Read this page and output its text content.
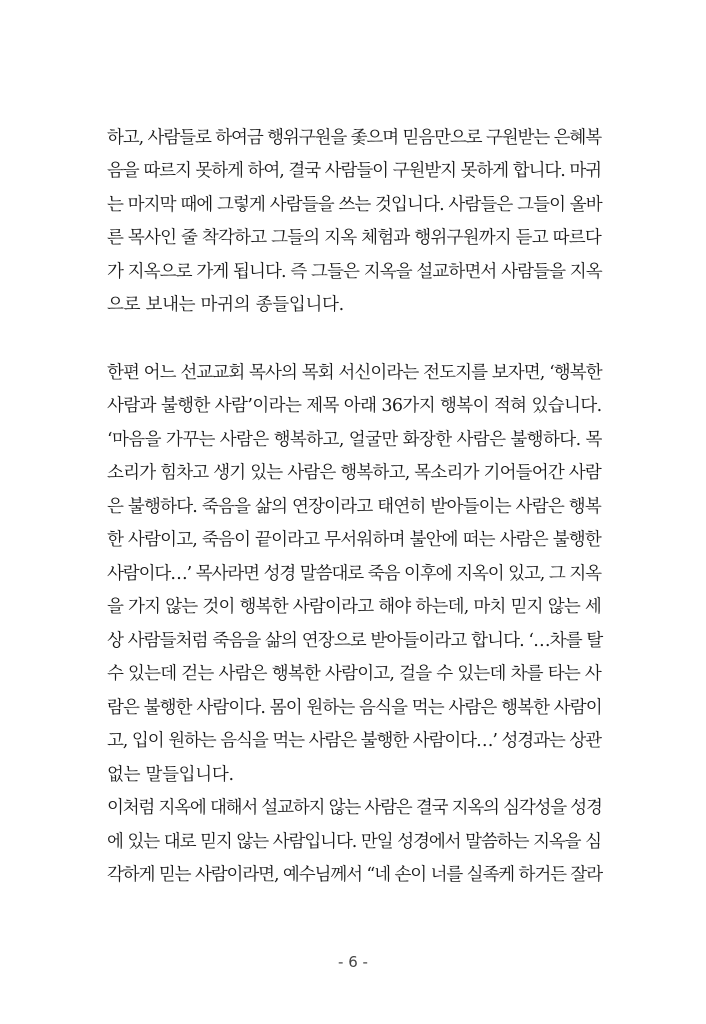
하고, 사람들로 하여금 행위구원을 좇으며 믿음만으로 구원받는 은혜복
음을 따르지 못하게 하여, 결국 사람들이 구원받지 못하게 합니다. 마귀
는 마지막 때에 그렇게 사람들을 쓰는 것입니다. 사람들은 그들이 올바
른 목사인 줄 착각하고 그들의 지옥 체험과 행위구원까지 듣고 따르다
가 지옥으로 가게 됩니다. 즉 그들은 지옥을 설교하면서 사람들을 지옥
으로 보내는 마귀의 종들입니다.
한편 어느 선교교회 목사의 목회 서신이라는 전도지를 보자면, ‘행복한
사람과 불행한 사람’이라는 제목 아래 36가지 행복이 적혀 있습니다.
‘마음을 가꾸는 사람은 행복하고, 얼굴만 화장한 사람은 불행하다. 목
소리가 힘차고 생기 있는 사람은 행복하고, 목소리가 기어들어간 사람
은 불행하다. 죽음을 삶의 연장이라고 태연히 받아들이는 사람은 행복
한 사람이고, 죽음이 끝이라고 무서워하며 불안에 떠는 사람은 불행한
사람이다…’ 목사라면 성경 말씀대로 죽음 이후에 지옥이 있고, 그 지옥
을 가지 않는 것이 행복한 사람이라고 해야 하는데, 마치 믿지 않는 세
상 사람들처럼 죽음을 삶의 연장으로 받아들이라고 합니다. ‘…차를 탈
수 있는데 걷는 사람은 행복한 사람이고, 걸을 수 있는데 차를 타는 사
람은 불행한 사람이다. 몸이 원하는 음식을 먹는 사람은 행복한 사람이
고, 입이 원하는 음식을 먹는 사람은 불행한 사람이다…’ 성경과는 상관
없는 말들입니다.
이처럼 지옥에 대해서 설교하지 않는 사람은 결국 지옥의 심각성을 성경
에 있는 대로 믿지 않는 사람입니다. 만일 성경에서 말씀하는 지옥을 심
각하게 믿는 사람이라면, 예수님께서 “네 손이 너를 실족케 하거든 잘라
- 6 -
